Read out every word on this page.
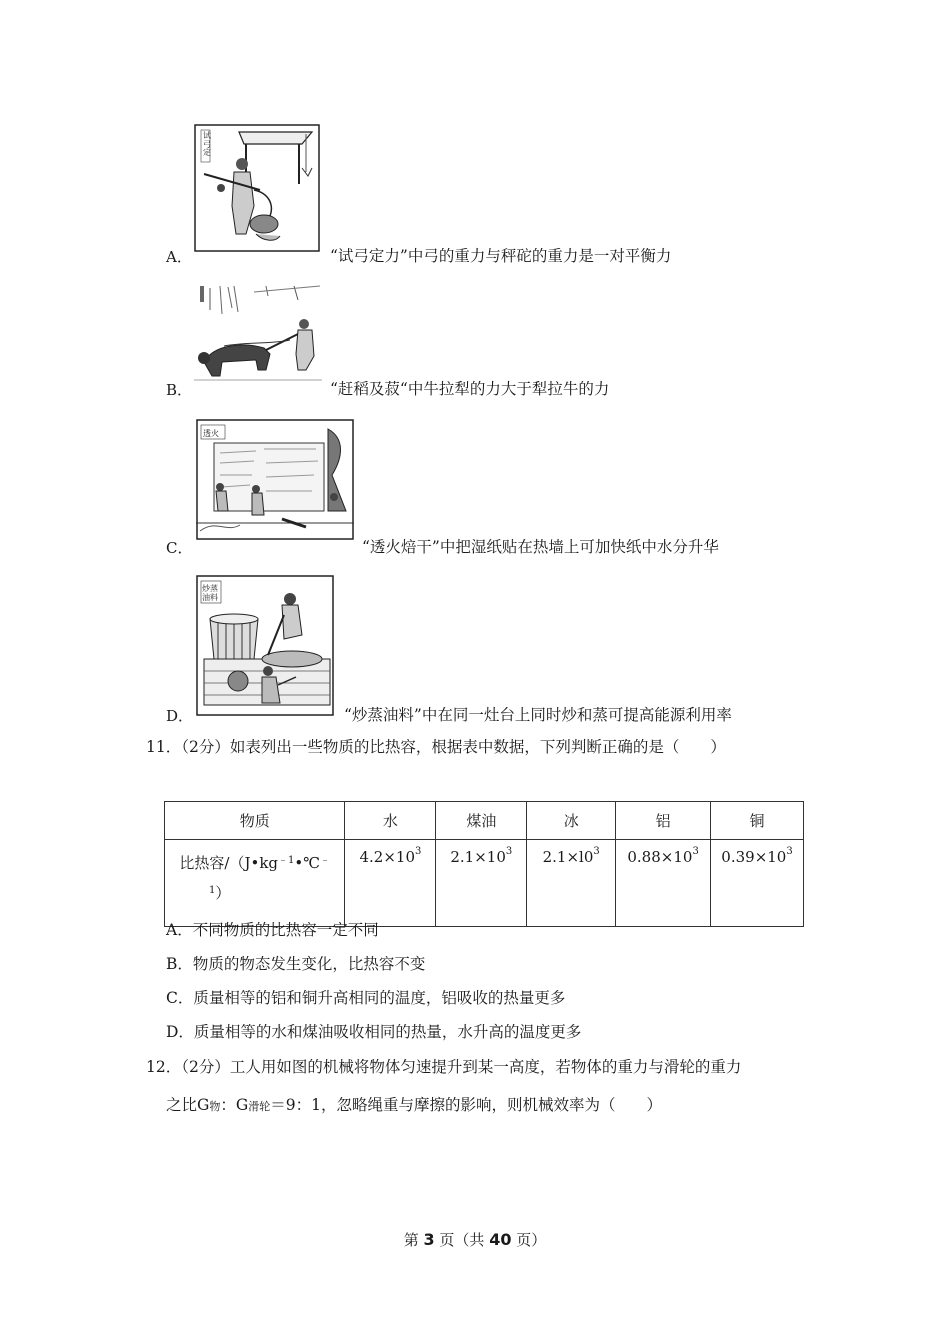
试
弓
定
A．	“试弓定力”中弓的重力与秤砣的重力是一对平衡力
B．	“赶稻及菽“中牛拉犁的力大于犁拉牛的力
透火
C．	“透火焙干”中把湿纸贴在热墙上可加快纸中水分升华
炒蒸
油料
D．	“炒蒸油料”中在同一灶台上同时炒和蒸可提高能源利用率
11．（2分）如表列出一些物质的比热容，根据表中数据，下列判断正确的是（　　）
物质	水	煤油	冰	铝	铜
比热容$/(J•kg^{﹣1}•℃^﹣$
$^1$）	$4.2\times 10^3$	$2.1\times 10^3$	$2.1\times l0^3$	$0.88\times 10^3$	$0.39\times 10^3$
A．不同物质的比热容一定不同
B．物质的物态发生变化，比热容不变
C．质量相等的铝和铜升高相同的温度，铝吸收的热量更多
D．质量相等的水和煤油吸收相同的热量，水升高的温度更多
12．（2分）工人用如图的机械将物体匀速提升到某一高度，若物体的重力与滑轮的重力
之比G物：G滑轮＝9：1，忽略绳重与摩擦的影响，则机械效率为（　　）
第 3 页（共 40 页）
